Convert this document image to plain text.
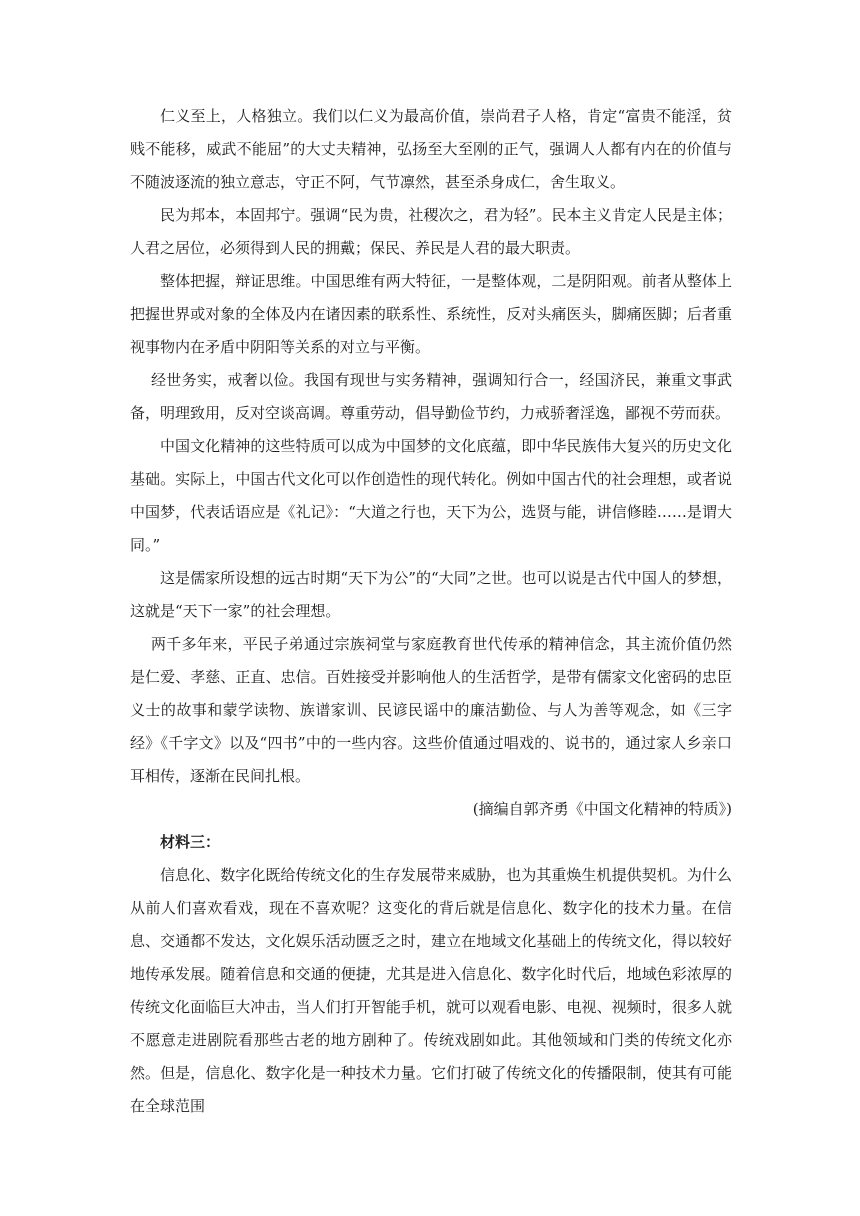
仁义至上，人格独立。我们以仁义为最高价值，崇尚君子人格，肯定“富贵不能淫，贫贱不能移，威武不能屈”的大丈夫精神，弘扬至大至刚的正气，强调人人都有内在的价值与不随波逐流的独立意志，守正不阿，气节凛然，甚至杀身成仁，舍生取义。

民为邦本，本固邦宁。强调“民为贵，社稷次之，君为轻”。民本主义肯定人民是主体；人君之居位，必须得到人民的拥戴；保民、养民是人君的最大职责。

整体把握，辩证思维。中国思维有两大特征，一是整体观，二是阴阳观。前者从整体上把握世界或对象的全体及内在诸因素的联系性、系统性，反对头痛医头，脚痛医脚；后者重视事物内在矛盾中阴阳等关系的对立与平衡。

经世务实，戒奢以俭。我国有现世与实务精神，强调知行合一，经国济民，兼重文事武备，明理致用，反对空谈高调。尊重劳动，倡导勤俭节约，力戒骄奢淫逸，鄙视不劳而获。

中国文化精神的这些特质可以成为中国梦的文化底蕴，即中华民族伟大复兴的历史文化基础。实际上，中国古代文化可以作创造性的现代转化。例如中国古代的社会理想，或者说中国梦，代表话语应是《礼记》：“大道之行也，天下为公，选贤与能，讲信修睦……是谓大同。”

这是儒家所设想的远古时期“天下为公”的“大同”之世。也可以说是古代中国人的梦想，这就是“天下一家”的社会理想。

两千多年来，平民子弟通过宗族祠堂与家庭教育世代传承的精神信念，其主流价值仍然是仁爱、孝慈、正直、忠信。百姓接受并影响他人的生活哲学，是带有儒家文化密码的忠臣义士的故事和蒙学读物、族谱家训、民谚民谣中的廉洁勤俭、与人为善等观念，如《三字经》《千字文》以及“四书”中的一些内容。这些价值通过唱戏的、说书的，通过家人乡亲口耳相传，逐渐在民间扎根。

(摘编自郭齐勇《中国文化精神的特质》)

材料三：

信息化、数字化既给传统文化的生存发展带来威胁，也为其重焕生机提供契机。为什么从前人们喜欢看戏，现在不喜欢呢？这变化的背后就是信息化、数字化的技术力量。在信息、交通都不发达，文化娱乐活动匮乏之时，建立在地域文化基础上的传统文化，得以较好地传承发展。随着信息和交通的便捷，尤其是进入信息化、数字化时代后，地域色彩浓厚的传统文化面临巨大冲击，当人们打开智能手机，就可以观看电影、电视、视频时，很多人就不愿意走进剧院看那些古老的地方剧种了。传统戏剧如此。其他领域和门类的传统文化亦然。但是，信息化、数字化是一种技术力量。它们打破了传统文化的传播限制，使其有可能在全球范围
